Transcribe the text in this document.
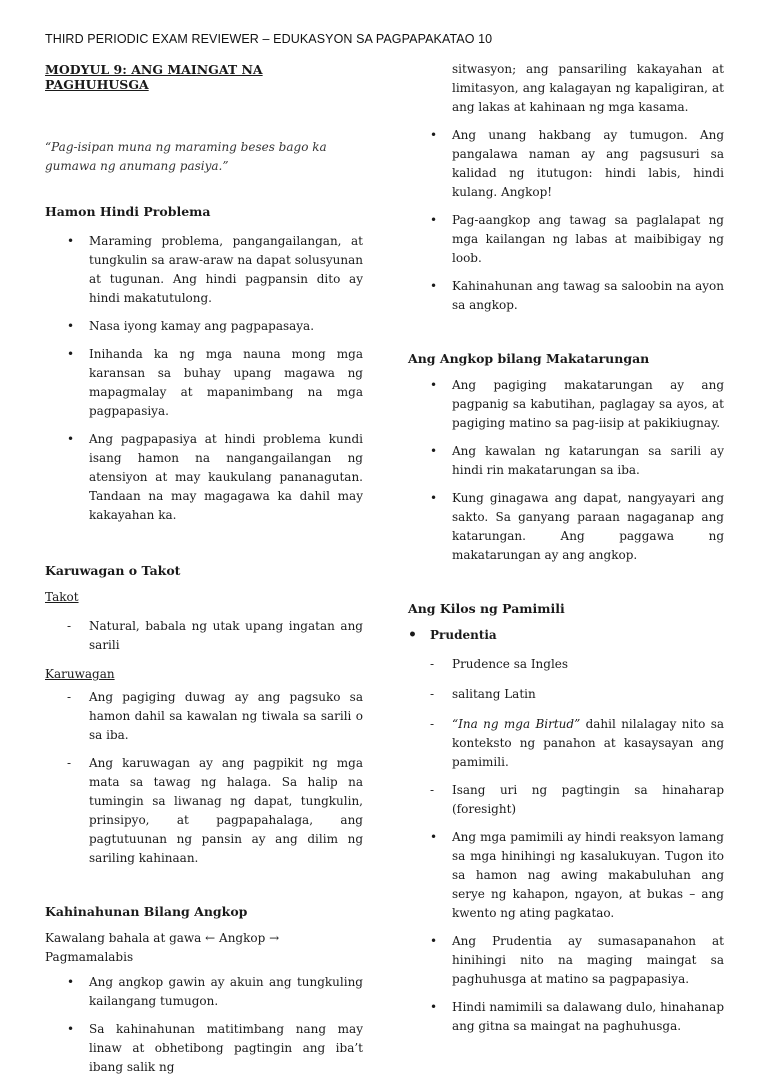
THIRD PERIODIC EXAM REVIEWER – EDUKASYON SA PAGPAPAKATAO 10
MODYUL 9: ANG MAINGAT NA PAGHUHUSGA

“Pag-isipan muna ng maraming beses bago ka gumawa ng anumang pasiya.”

Hamon Hindi Problema

• Maraming problema, pangangailangan, at tungkulin sa araw-araw na dapat solusyunan at tugunan. Ang hindi pagpansin dito ay hindi makatutulong.
• Nasa iyong kamay ang pagpapasaya.
• Inihanda ka ng mga nauna mong mga karansan sa buhay upang magawa ng mapagmalay at mapanimbang na mga pagpapasiya.
• Ang pagpapasiya at hindi problema kundi isang hamon na nangangailangan ng atensiyon at may kaukulang pananagutan. Tandaan na may magagawa ka dahil may kakayahan ka.

Karuwagan o Takot

Takot

- Natural, babala ng utak upang ingatan ang sarili

Karuwagan

- Ang pagiging duwag ay ang pagsuko sa hamon dahil sa kawalan ng tiwala sa sarili o sa iba.
- Ang karuwagan ay ang pagpikit ng mga mata sa tawag ng halaga. Sa halip na tumingin sa liwanag ng dapat, tungkulin, prinsipyo, at pagpapahalaga, ang pagtutuunan ng pansin ay ang dilim ng sariling kahinaan.

Kahinahunan Bilang Angkop

Kawalang bahala at gawa ← Angkop → Pagmamalabis

• Ang angkop gawin ay akuin ang tungkuling kailangang tumugon.
• Sa kahinahunan matitimbang nang may linaw at obhetibong pagtingin ang iba’t ibang salik ng
sitwasyon; ang pansariling kakayahan at limitasyon, ang kalagayan ng kapaligiran, at ang lakas at kahinaan ng mga kasama.
• Ang unang hakbang ay tumugon. Ang pangalawa naman ay ang pagsusuri sa kalidad ng itutugon: hindi labis, hindi kulang. Angkop!
• Pag-aangkop ang tawag sa paglalapat ng mga kailangan ng labas at maibibigay ng loob.
• Kahinahunan ang tawag sa saloobin na ayon sa angkop.

Ang Angkop bilang Makatarungan

• Ang pagiging makatarungan ay ang pagpanig sa kabutihan, paglagay sa ayos, at pagiging matino sa pag-iisip at pakikiugnay.
• Ang kawalan ng katarungan sa sarili ay hindi rin makatarungan sa iba.
• Kung ginagawa ang dapat, nangyayari ang sakto. Sa ganyang paraan nagaganap ang katarungan. Ang paggawa ng makatarungan ay ang angkop.

Ang Kilos ng Pamimili

• Prudentia
- Prudence sa Ingles
- salitang Latin
- “Ina ng mga Birtud” dahil nilalagay nito sa konteksto ng panahon at kasaysayan ang pamimili.
- Isang uri ng pagtingin sa hinaharap (foresight)
• Ang mga pamimili ay hindi reaksyon lamang sa mga hinihingi ng kasalukuyan. Tugon ito sa hamon nag awing makabuluhan ang serye ng kahapon, ngayon, at bukas – ang kwento ng ating pagkatao.
• Ang Prudentia ay sumasapanahon at hinihingi nito na maging maingat sa paghuhusga at matino sa pagpapasiya.
• Hindi namimili sa dalawang dulo, hinahanap ang gitna sa maingat na paghuhusga.
